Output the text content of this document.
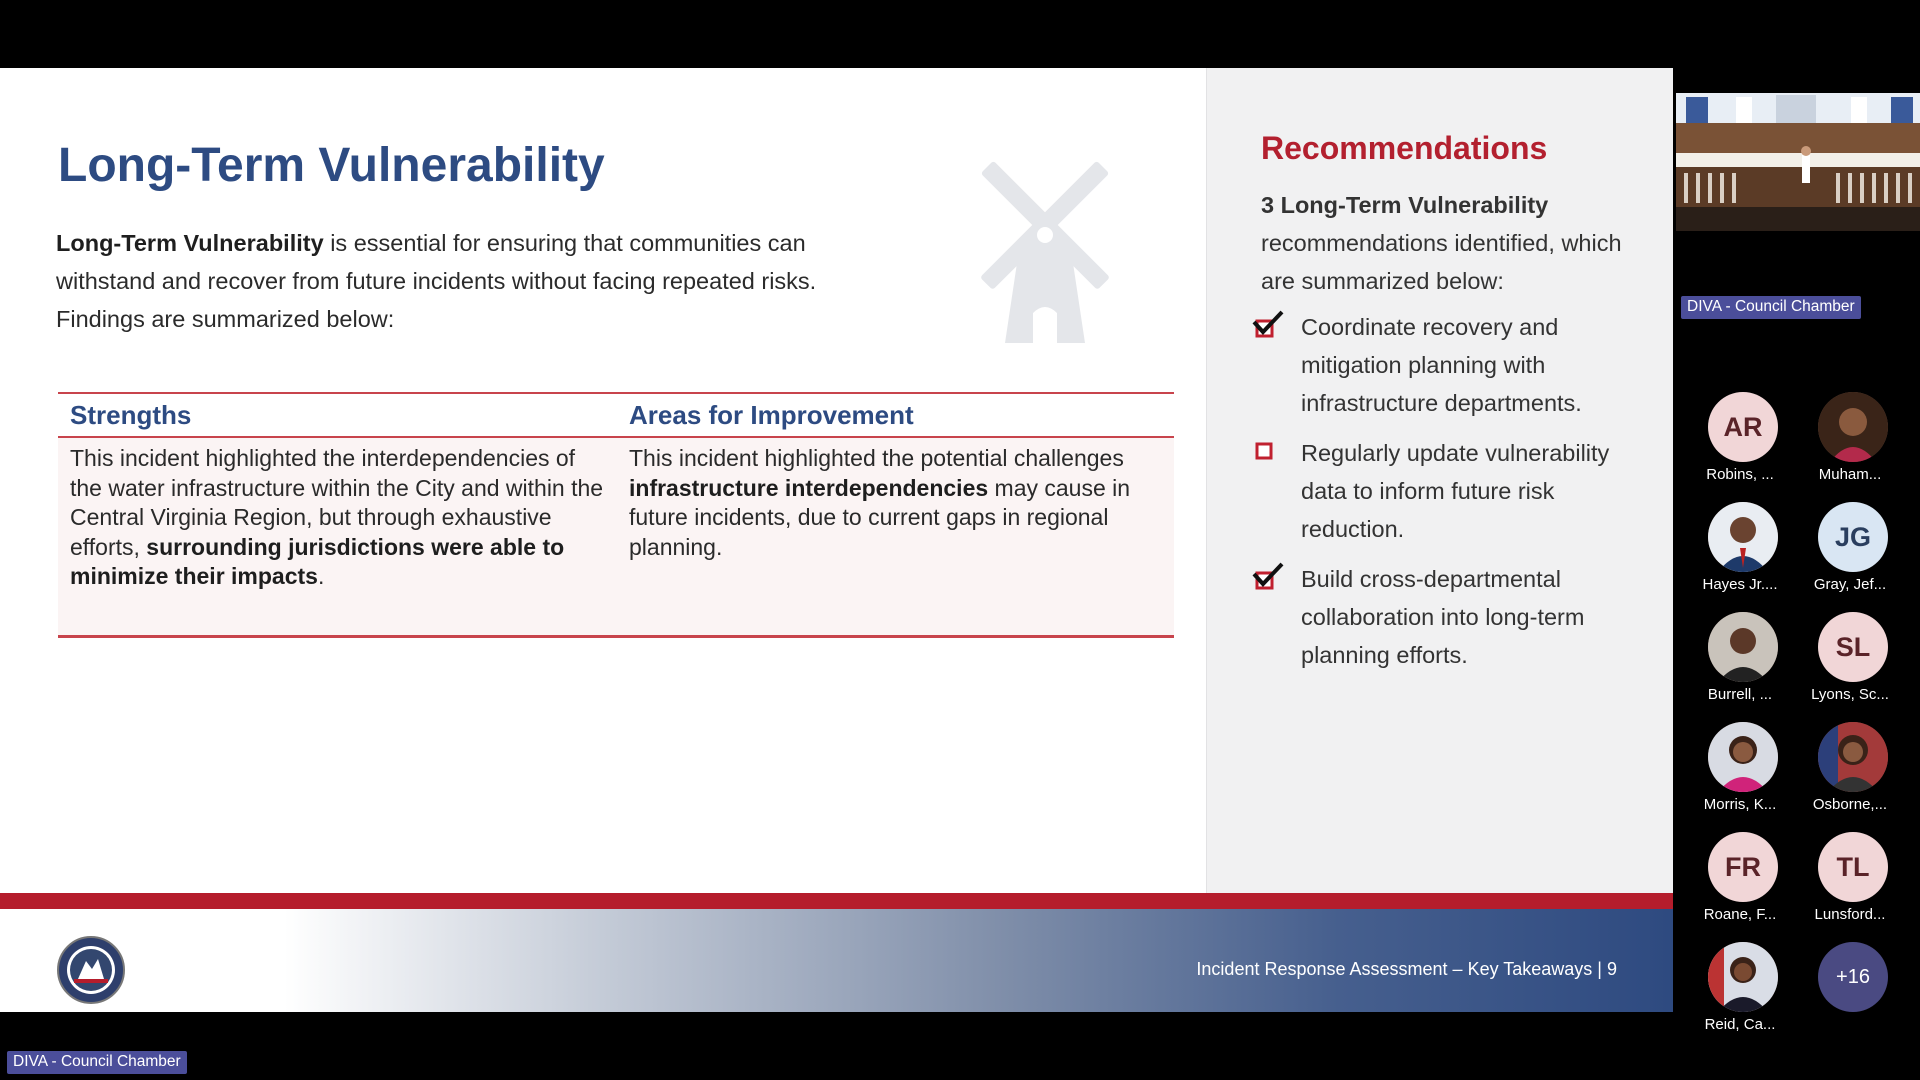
Long-Term Vulnerability
Long-Term Vulnerability is essential for ensuring that communities can withstand and recover from future incidents without facing repeated risks. Findings are summarized below:
Strengths	Areas for Improvement
This incident highlighted the interdependencies of the water infrastructure within the City and within the Central Virginia Region, but through exhaustive efforts, surrounding jurisdictions were able to minimize their impacts.	This incident highlighted the potential challenges infrastructure interdependencies may cause in future incidents, due to current gaps in regional planning.
Recommendations
3 Long-Term Vulnerability
recommendations identified, which are summarized below:
Coordinate recovery and mitigation planning with infrastructure departments.
Regularly update vulnerability data to inform future risk reduction.
Build cross-departmental collaboration into long-term planning efforts.
Incident Response Assessment – Key Takeaways | 9
DIVA - Council Chamber
AR
Robins, ...	Muham...
Hayes Jr....
JG
Gray, Jef...
Burrell, ...
SL
Lyons, Sc...
Morris, K...	Osborne,...
FR
Roane, F...
TL
Lunsford...
Reid, Ca...
+16
DIVA - Council Chamber
